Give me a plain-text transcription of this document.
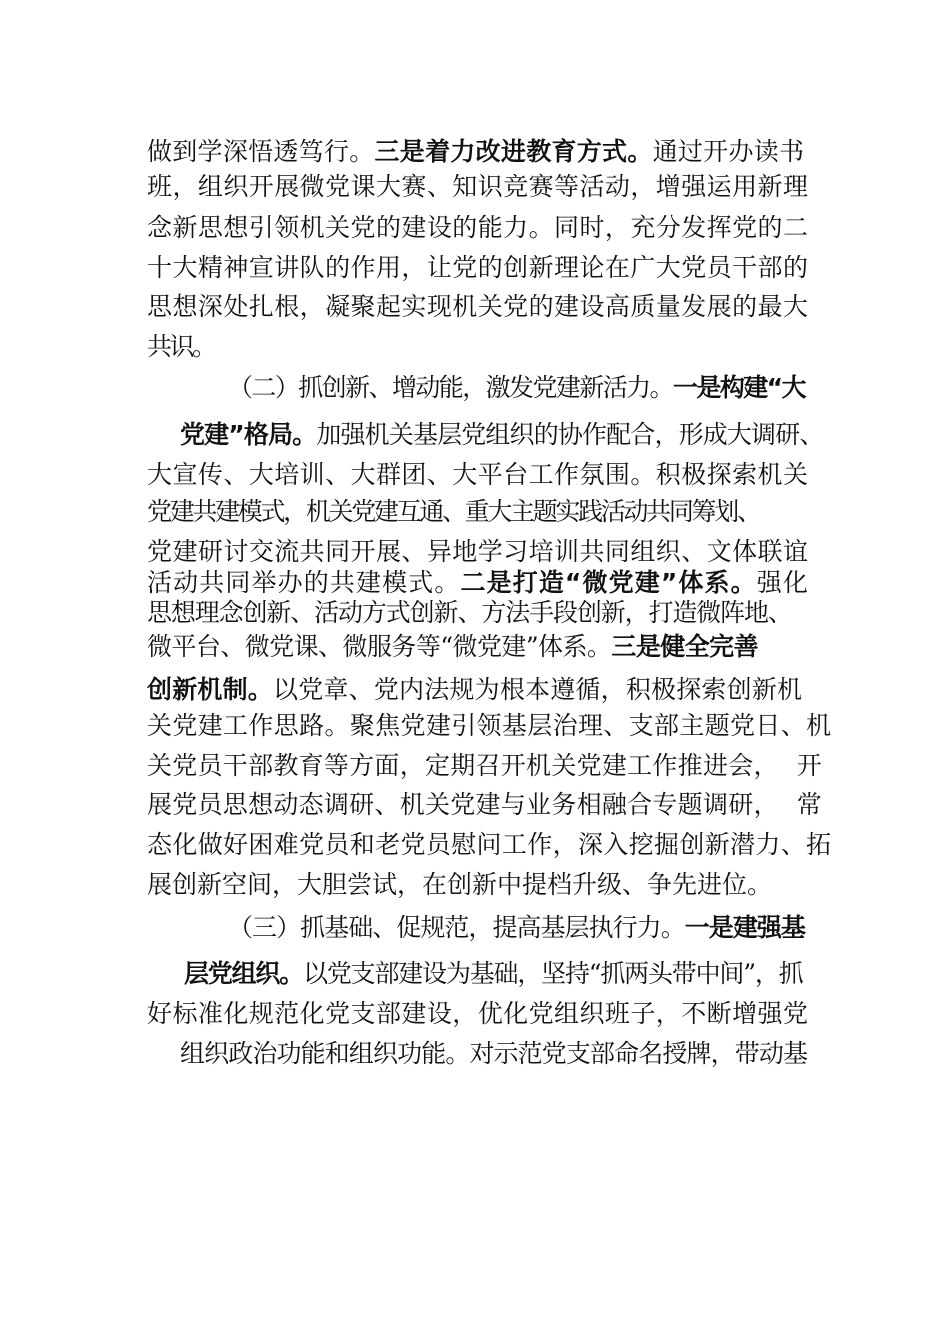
做到学深悟透笃行。三是着力改进教育方式。通过开办读书
班，组织开展微党课大赛、知识竞赛等活动，增强运用新理
念新思想引领机关党的建设的能力。同时，充分发挥党的二
十大精神宣讲队的作用，让党的创新理论在广大党员干部的
思想深处扎根，凝聚起实现机关党的建设高质量发展的最大
共识。
（二）抓创新、增动能，激发党建新活力。一是构建“大
党建”格局。加强机关基层党组织的协作配合，形成大调研、
大宣传、大培训、大群团、大平台工作氛围。积极探索机关
党建共建模式，机关党建互通、重大主题实践活动共同筹划、
党建研讨交流共同开展、异地学习培训共同组织、文体联谊
活动共同举办的共建模式。二是打造“微党建”体系。强化
思想理念创新、活动方式创新、方法手段创新，打造微阵地、
微平台、微党课、微服务等“微党建”体系。三是健全完善
创新机制。以党章、党内法规为根本遵循，积极探索创新机
关党建工作思路。聚焦党建引领基层治理、支部主题党日、机
关党员干部教育等方面，定期召开机关党建工作推进会， 开
展党员思想动态调研、机关党建与业务相融合专题调研， 常
态化做好困难党员和老党员慰问工作，深入挖掘创新潜力、拓
展创新空间，大胆尝试，在创新中提档升级、争先进位。
（三）抓基础、促规范，提高基层执行力。一是建强基
层党组织。以党支部建设为基础，坚持“抓两头带中间”，抓
好标准化规范化党支部建设，优化党组织班子，不断增强党
组织政治功能和组织功能。对示范党支部命名授牌，带动基
